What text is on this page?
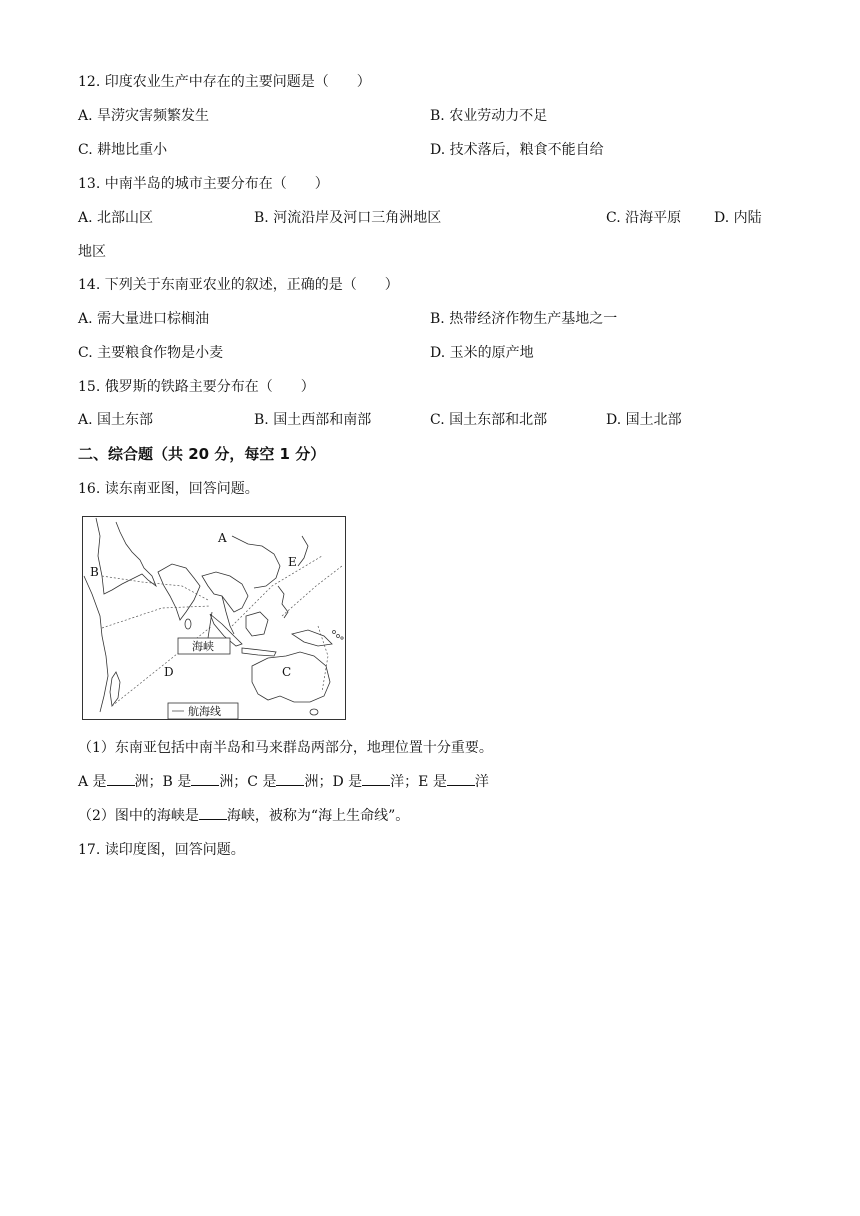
12. 印度农业生产中存在的主要问题是（　　）
A. 旱涝灾害频繁发生	B. 农业劳动力不足
C. 耕地比重小	D. 技术落后，粮食不能自给
13. 中南半岛的城市主要分布在（　　）
A. 北部山区	B. 河流沿岸及河口三角洲地区	C. 沿海平原 D. 内陆
地区
14. 下列关于东南亚农业的叙述，正确的是（　　）
A. 需大量进口棕榈油	B. 热带经济作物生产基地之一
C. 主要粮食作物是小麦	D. 玉米的原产地
15. 俄罗斯的铁路主要分布在（　　）
A. 国土东部	B. 国土西部和南部	C. 国土东部和北部	D. 国土北部
二、综合题（共 20 分，每空 1 分）
16. 读东南亚图，回答问题。
A
B
C
D
E
海峡
航海线
（1）东南亚包括中南半岛和马来群岛两部分，地理位置十分重要。
A 是 洲；B 是 洲；C 是 洲；D 是 洋；E 是 洋
（2）图中的海峡是 海峡，被称为“海上生命线”。
17. 读印度图，回答问题。
